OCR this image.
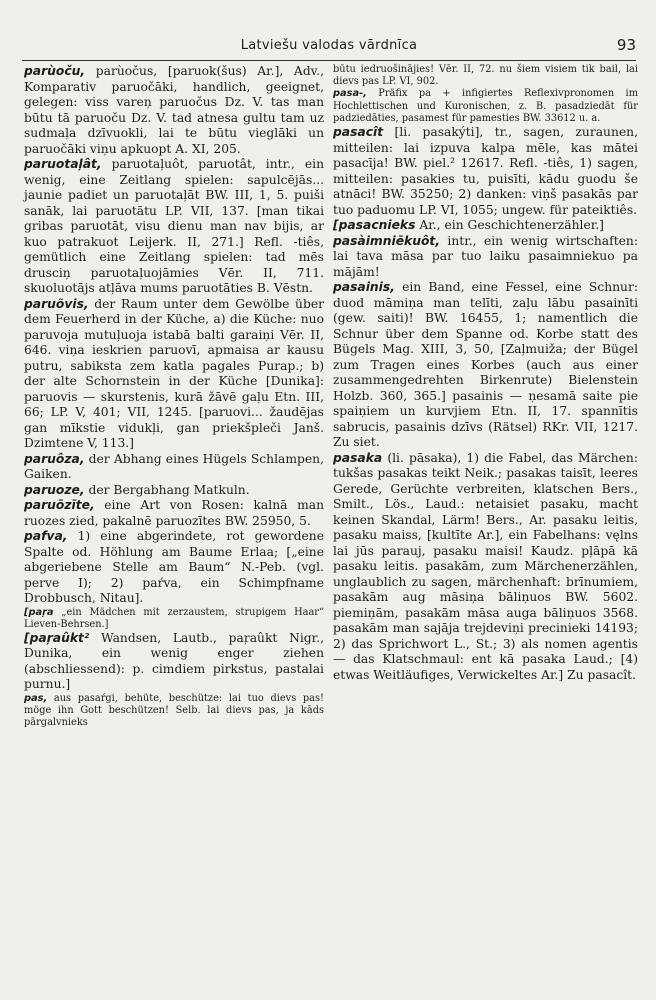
Latviešu valodas vārdnīca	93

parùoču, parùočus, [paruok(šus) Ar.], Adv., Komparativ paruočāki, handlich, geeignet, gelegen: viss vareņ paruočus Dz. V. tas man būtu tā paruoču Dz. V. tad atnesa gultu tam uz sudmaļa dzīvuokli, lai te būtu vieglāki un paruočāki viņu apkuopt A. XI, 205.

paruotaļât, paruotaļuôt, paruotât, intr., ein wenig, eine Zeitlang spielen: sapulcējās... jaunie padiet un paruotaļāt BW. III, 1, 5. puiši sanāk, lai paruotātu LP. VII, 137. [man tikai gribas paruotāt, visu dienu man nav bijis, ar kuo patrakuot Leijerk. II, 271.] Refl. -tiês, gemütlich eine Zeitlang spielen: tad mēs drusciņ paruotaļuojāmies Vēr. II, 711. skuoluotājs atļāva mums paruotāties B. Vēstn.

paruõvis, der Raum unter dem Gewölbe über dem Feuerherd in der Küche, a) die Küche: nuo paruvoja mutuļuoja istabā balti garaiņi Vēr. II, 646. viņa ieskrien paruovī, apmaisa ar kausu putru, sabiksta zem katla pagales Purap.; b) der alte Schornstein in der Küche [Dunika]: paruovis — skurstenis, kurā žāvē gaļu Etn. III, 66; LP. V, 401; VII, 1245. [paruovi... žaudējas gan mīkstie vidukļi, gan priekšpleči Janš. Dzimtene V, 113.]

paruôza, der Abhang eines Hügels Schlampen, Gaiken.

paruoze, der Bergabhang Matkuln.

paruōzīte, eine Art von Rosen: kalnā man ruozes zied, pakalnē paruozītes BW. 25950, 5.

pafva, 1) eine abgerindete, rot gewordene Spalte od. Höhlung am Baume Erlaa; [„eine abgeriebene Stelle am Baum“ N.-Peb. (vgl. perve I); 2) paŕva, ein Schimpfname Drobbusch, Nitau].

[paŗa „ein Mädchen mit zerzaustem, strupigem Haar“ Lieven-Behrsen.]

[paŗaûkt² Wandsen, Lautb., paŗaûkt Nigr., Dunika, ein wenig enger ziehen (abschliessend): p. cimdiem pirkstus, pastalai purnu.]

pas, aus pasaŕgi, behüte, beschütze: lai tuo dievs pas! möge ihn Gott beschützen! Selb. lai dievs pas, ja kāds pārgalvnieks

būtu iedruošinājies! Vēr. II, 72. nu šiem visiem tik bail, lai dievs pas LP. VI, 902.

pasa-, Präfix pa + infigiertes Reflexivpronomen im Hochlettischen und Kuronischen, z. B. pasadziedāt für padziedāties, pasamest für pamesties BW. 33612 u. a.

pasacît [li. pasakýti], tr., sagen, zuraunen, mitteilen: lai izpuva kalpa mēle, kas mātei pasacīja! BW. piel.² 12617. Refl. -tiês, 1) sagen, mitteilen: pasakies tu, puisīti, kādu guodu še atnāci! BW. 35250; 2) danken: viņš pasakās par tuo paduomu LP. VI, 1055; ungew. für pateiktiês.

[pasacnieks Ar., ein Geschichtenerzähler.]

pasàimniēkuôt, intr., ein wenig wirtschaften: lai tava māsa par tuo laiku pasaimniekuo pa mājām!

pasainis, ein Band, eine Fessel, eine Schnur: duod māmiņa man telīti, zaļu lābu pasainīti (gew. saiti)! BW. 16455, 1; namentlich die Schnur über dem Spanne od. Korbe statt des Bügels Mag. XIII, 3, 50, [Zaļmuiža; der Bügel zum Tragen eines Korbes (auch aus einer zusammengedrehten Birkenrute) Bielenstein Holzb. 360, 365.] pasainis — ņesamā saite pie spaiņiem un kurvjiem Etn. II, 17. spannītis sabrucis, pasainis dzīvs (Rätsel) RKr. VII, 1217. Zu siet.

pasaka (li. pāsaka), 1) die Fabel, das Märchen: tukšas pasakas teikt Neik.; pasakas taisīt, leeres Gerede, Gerüchte verbreiten, klatschen Bers., Smilt., Lös., Laud.: netaisiet pasaku, macht keinen Skandal, Lärm! Bers., Ar. pasaku leitis, pasaku maiss, [kultīte Ar.], ein Fabelhans: vęlns lai jūs parauj, pasaku maisi! Kaudz. pļāpā kā pasaku leitis. pasakām, zum Märchenerzählen, unglaublich zu sagen, märchenhaft: brīnumiem, pasakām aug māsiņa bāliņuos BW. 5602. piemiņām, pasakām māsa auga bāliņuos 3568. pasakām man sajāja trejdeviņi precinieki 14193; 2) das Sprichwort L., St.; 3) als nomen agentis — das Klatschmaul: ent kā pasaka Laud.; [4) etwas Weitläufiges, Verwickeltes Ar.] Zu pasacît.
